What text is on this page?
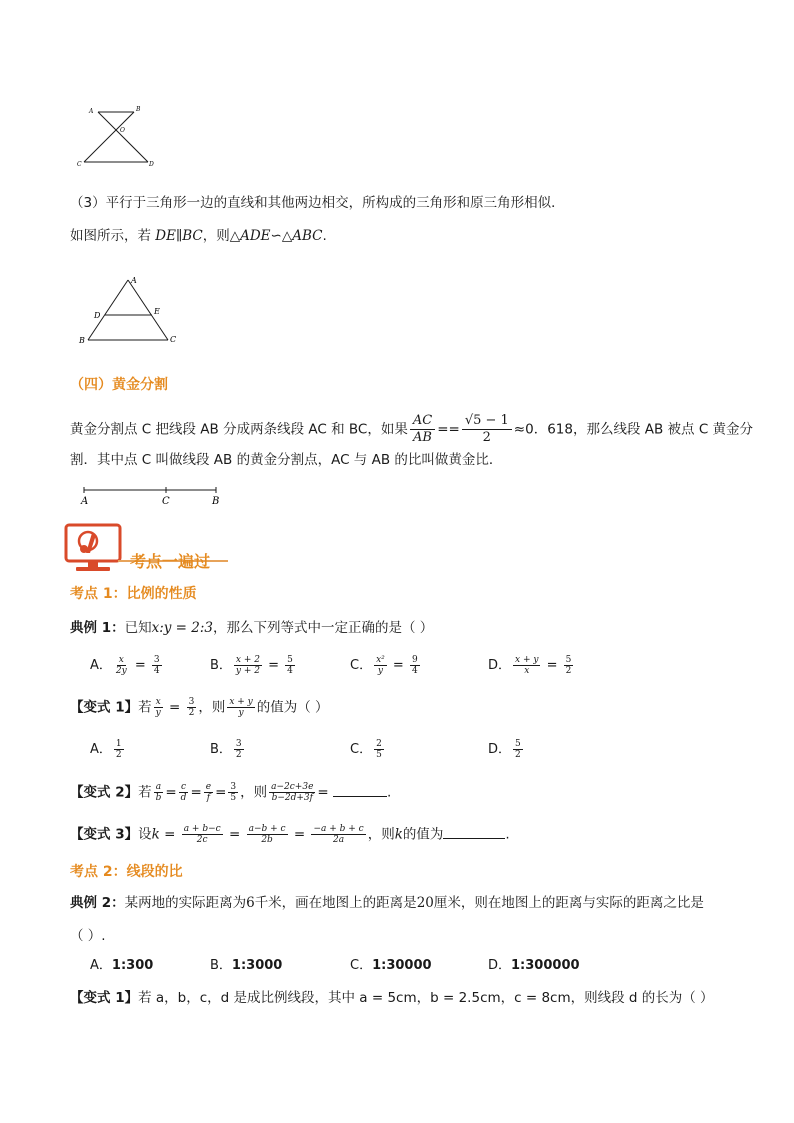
A	B
O
C	D
（3）平行于三角形一边的直线和其他两边相交，所构成的三角形和原三角形相似．
如图所示，若 DE∥BC，则△ADE∽△ABC.
A
D	E
B	C
（四）黄金分割
黄金分割点 C 把线段 AB 分成两条线段 AC 和 BC，如果 $\frac{AC}{AB} == \frac{√5 - 1}{2} \approx 0$．618，那么线段 AB 被点 C 黄金分
割．其中点 C 叫做线段 AB 的黄金分割点，AC 与 AB 的比叫做黄金比．
A	C	B
考点一遍过
考点 1：比例的性质
典例 1：已知x:y = 2:3，那么下列等式中一定正确的是（ ）
A． $\frac{x}{2y} = \frac{3}{4}$	B． $\frac{x + 2}{y + 2} = \frac{5}{4}$	C． $\frac{\text{x²}}{y} = \frac{9}{4}$	D． $\frac{x + y}{x} = \frac{5}{2}$
【变式 1】若 $\frac{x}{y} = \frac{3}{2}$ ，则 $\frac{x + y}{y}$ 的值为（ ）
A． $\frac{1}{2}$	B． $\frac{3}{2}$	C． $\frac{2}{5}$	D． $\frac{5}{2}$
【变式 2】若 $\frac{a}{b} = \frac{c}{d} = \frac{e}{f} = \frac{3}{5}$ ，则 $\frac{a-2c+3e}{b-2d+3f}$ =	.
【变式 3】设$k = \frac{a + b-c}{2c} = \frac{a-b + c}{2b} = \frac{-a + b + c}{2a}$ ，则k的值为	.
考点 2：线段的比
典例 2：某两地的实际距离为6千米，画在地图上的距离是20厘米，则在地图上的距离与实际的距离之比是
（ ）.
A．1:300	B．1:3000	C．1:30000	D．1:300000
【变式 1】若 a，b，c，d 是成比例线段，其中 a = 5cm，b = 2.5cm，c = 8cm，则线段 d 的长为（ ）
